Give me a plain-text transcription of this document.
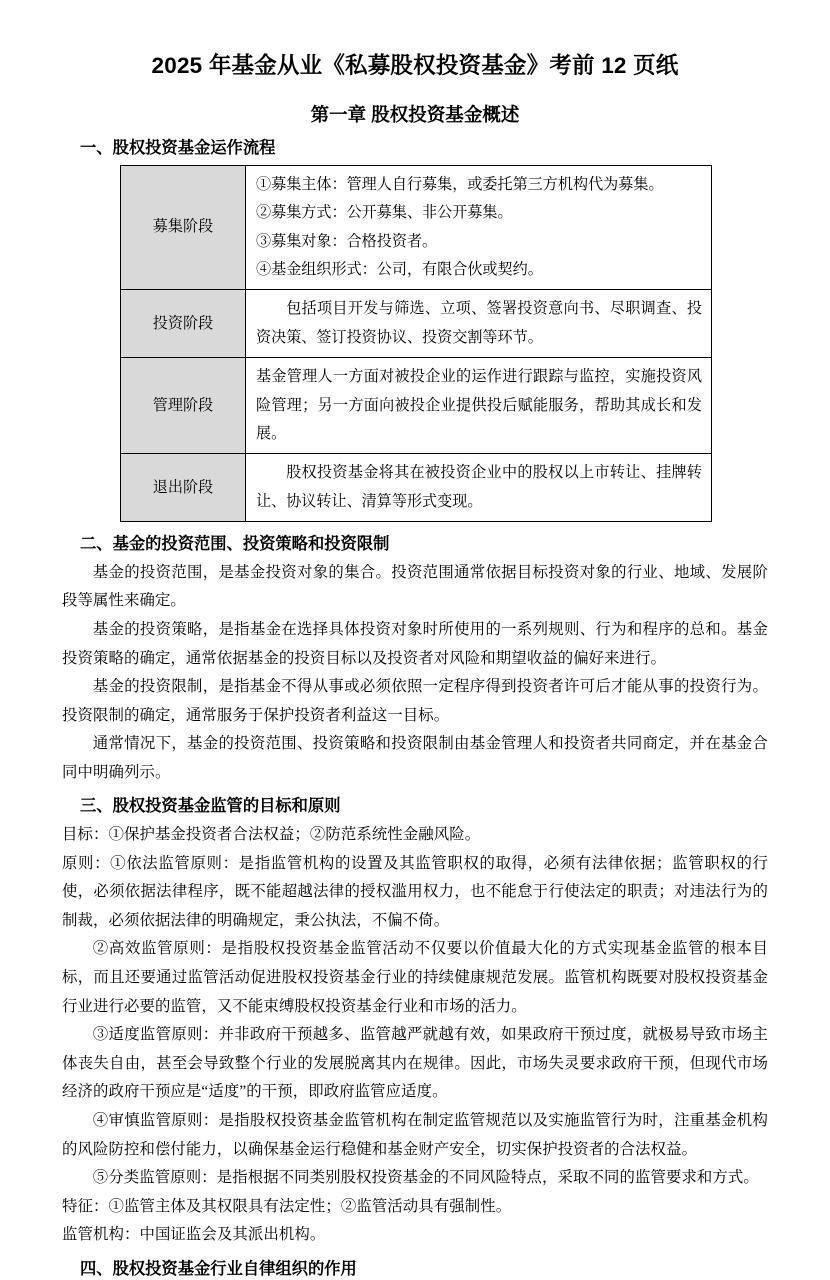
2025 年基金从业《私募股权投资基金》考前 12 页纸
第一章 股权投资基金概述
一、股权投资基金运作流程
募集阶段	①募集主体：管理人自行募集，或委托第三方机构代为募集。

②募集方式：公开募集、非公开募集。

③募集对象：合格投资者。

④基金组织形式：公司，有限合伙或契约。

投资阶段	包括项目开发与筛选、立项、签署投资意向书、尽职调查、投资决策、签订投资协议、投资交割等环节。

管理阶段	基金管理人一方面对被投企业的运作进行跟踪与监控，实施投资风险管理；另一方面向被投企业提供投后赋能服务，帮助其成长和发展。

退出阶段	股权投资基金将其在被投资企业中的股权以上市转让、挂牌转让、协议转让、清算等形式变现。

二、基金的投资范围、投资策略和投资限制

基金的投资范围，是基金投资对象的集合。投资范围通常依据目标投资对象的行业、地域、发展阶段等属性来确定。

基金的投资策略，是指基金在选择具体投资对象时所使用的一系列规则、行为和程序的总和。基金投资策略的确定，通常依据基金的投资目标以及投资者对风险和期望收益的偏好来进行。

基金的投资限制，是指基金不得从事或必须依照一定程序得到投资者许可后才能从事的投资行为。投资限制的确定，通常服务于保护投资者利益这一目标。

通常情况下，基金的投资范围、投资策略和投资限制由基金管理人和投资者共同商定，并在基金合同中明确列示。

三、股权投资基金监管的目标和原则

目标：①保护基金投资者合法权益；②防范系统性金融风险。

原则：①依法监管原则：是指监管机构的设置及其监管职权的取得，必须有法律依据；监管职权的行使，必须依据法律程序，既不能超越法律的授权滥用权力，也不能怠于行使法定的职责；对违法行为的制裁，必须依据法律的明确规定，秉公执法，不偏不倚。

②高效监管原则：是指股权投资基金监管活动不仅要以价值最大化的方式实现基金监管的根本目标，而且还要通过监管活动促进股权投资基金行业的持续健康规范发展。监管机构既要对股权投资基金行业进行必要的监管，又不能束缚股权投资基金行业和市场的活力。

③适度监管原则：并非政府干预越多、监管越严就越有效，如果政府干预过度，就极易导致市场主体丧失自由，甚至会导致整个行业的发展脱离其内在规律。因此，市场失灵要求政府干预，但现代市场经济的政府干预应是“适度”的干预，即政府监管应适度。

④审慎监管原则：是指股权投资基金监管机构在制定监管规范以及实施监管行为时，注重基金机构的风险防控和偿付能力，以确保基金运行稳健和基金财产安全，切实保护投资者的合法权益。

⑤分类监管原则：是指根据不同类别股权投资基金的不同风险特点，采取不同的监管要求和方式。

特征：①监管主体及其权限具有法定性；②监管活动具有强制性。

监管机构：中国证监会及其派出机构。

四、股权投资基金行业自律组织的作用
